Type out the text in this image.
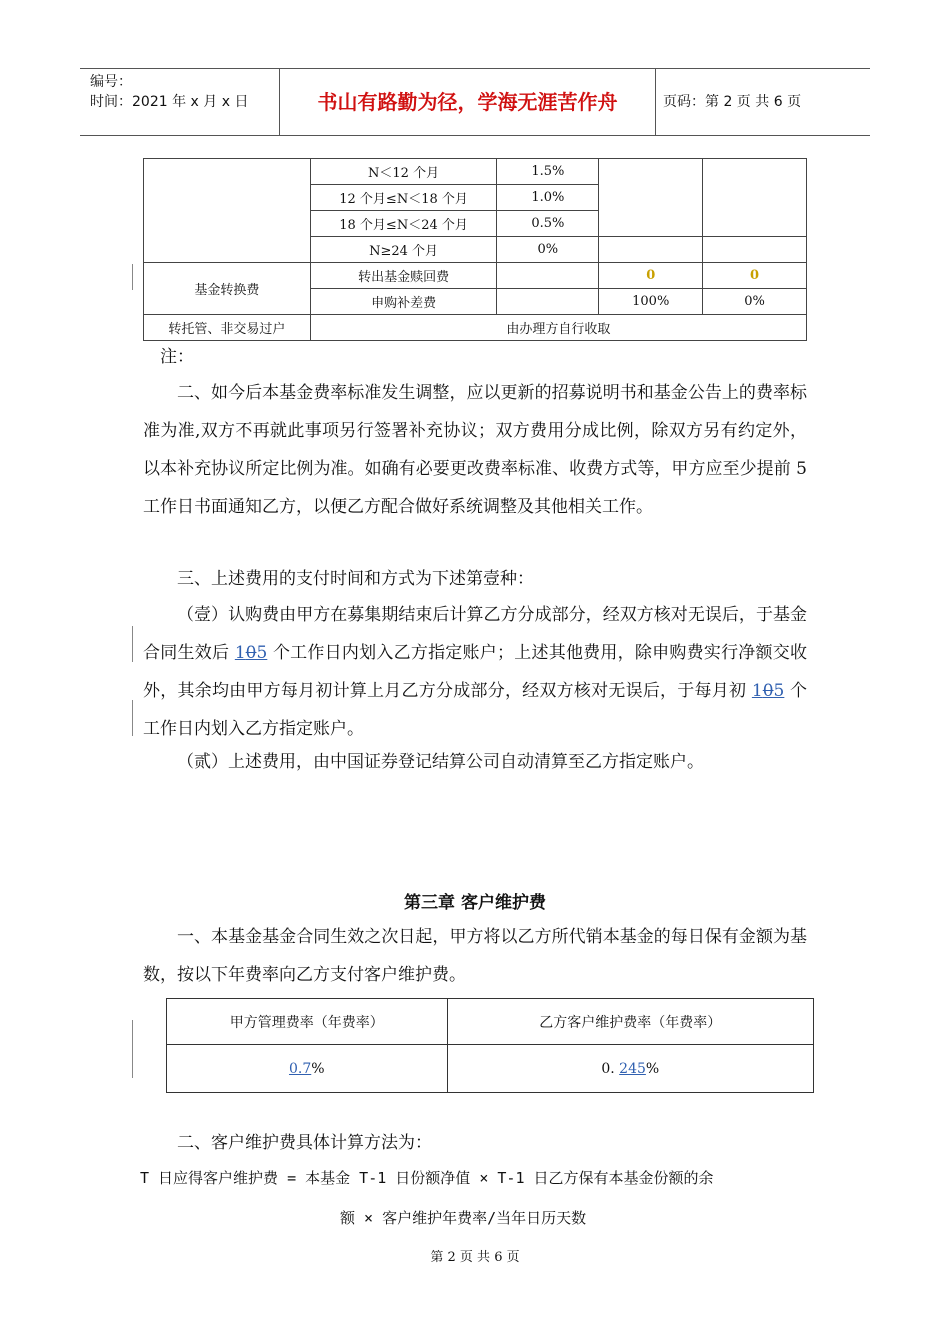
编号：
时间：2021 年 x 月 x 日	书山有路勤为径，学海无涯苦作舟	页码：第 2 页 共 6 页
	N＜12 个月	1.5%		
	12 个月≤N＜18 个月	1.0%		
	18 个月≤N＜24 个月	0.5%		
	N≥24 个月	0%		
基金转换费	转出基金赎回费		0	0
	申购补差费		100%	0%
转托管、非交易过户	由办理方自行收取			
注：
二、如今后本基金费率标准发生调整，应以更新的招募说明书和基金公告上的费率标准为准,双方不再就此事项另行签署补充协议；双方费用分成比例，除双方另有约定外，以本补充协议所定比例为准。如确有必要更改费率标准、收费方式等，甲方应至少提前 5 工作日书面通知乙方，以便乙方配合做好系统调整及其他相关工作。
三、上述费用的支付时间和方式为下述第壹种：
（壹）认购费由甲方在募集期结束后计算乙方分成部分，经双方核对无误后，于基金合同生效后 105 个工作日内划入乙方指定账户；上述其他费用，除申购费实行净额交收外，其余均由甲方每月初计算上月乙方分成部分，经双方核对无误后，于每月初 105 个工作日内划入乙方指定账户。
（贰）上述费用，由中国证券登记结算公司自动清算至乙方指定账户。
第三章 客户维护费
一、本基金基金合同生效之次日起，甲方将以乙方所代销本基金的每日保有金额为基数，按以下年费率向乙方支付客户维护费。
甲方管理费率（年费率）	乙方客户维护费率（年费率）
0.7%	0. 245%
二、客户维护费具体计算方法为：
T 日应得客户维护费 = 本基金 T-1 日份额净值 × T-1 日乙方保有本基金份额的余
额 × 客户维护年费率/当年日历天数
第 2 页 共 6 页
